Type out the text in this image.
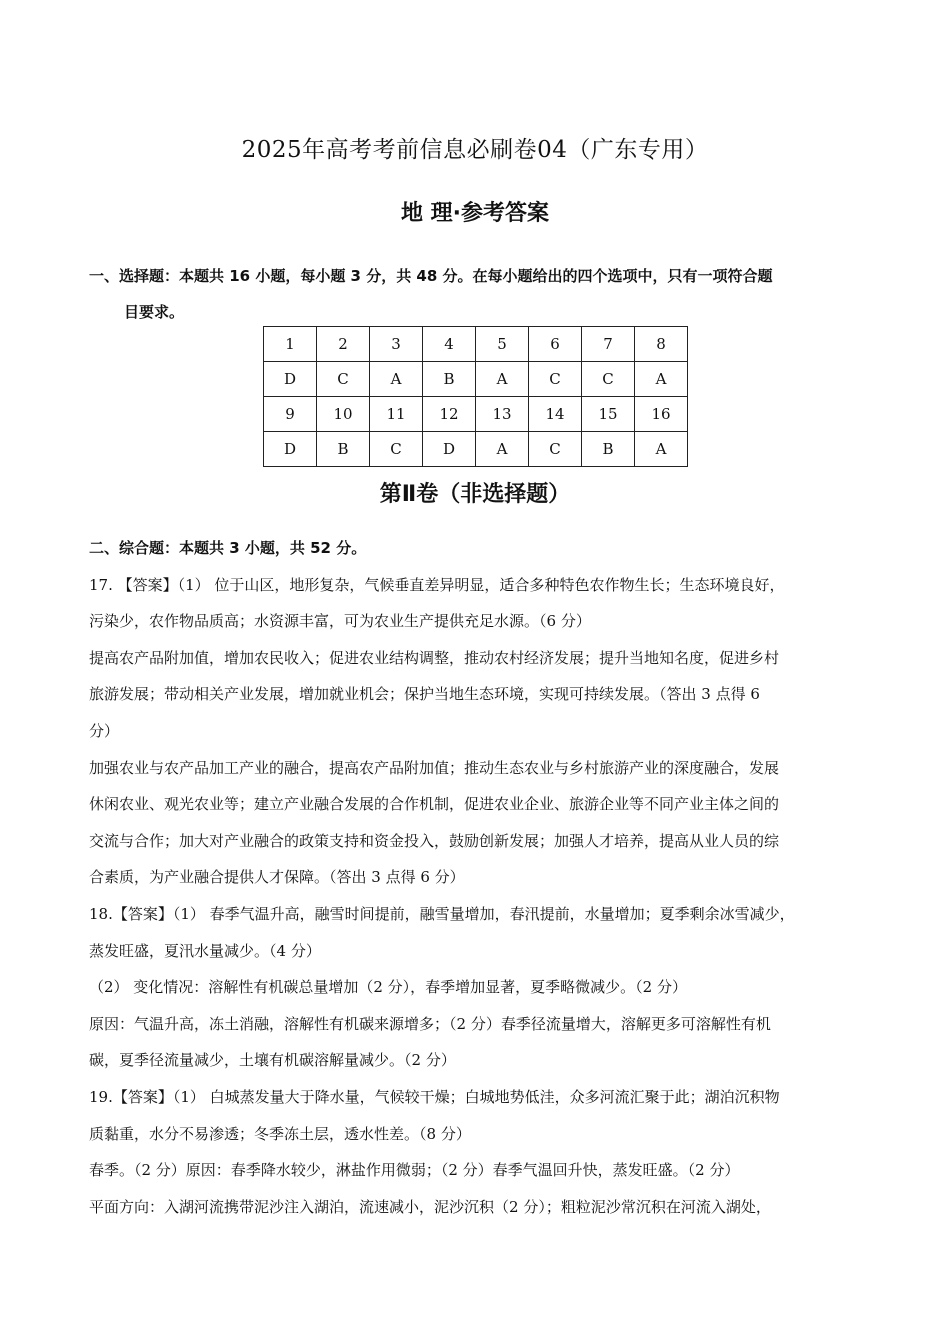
2025年高考考前信息必刷卷04（广东专用）
地 理·参考答案
一、选择题：本题共 16 小题，每小题 3 分，共 48 分。在每小题给出的四个选项中，只有一项符合题
目要求。
1	2	3	4	5	6	7	8
D	C	A	B	A	C	C	A
9	10	11	12	13	14	15	16
D	B	C	D	A	C	B	A
第Ⅱ卷（非选择题）

二、综合题：本题共 3 小题，共 52 分。

17. 【答案】（1） 位于山区，地形复杂，气候垂直差异明显，适合多种特色农作物生长；生态环境良好，

污染少，农作物品质高；水资源丰富，可为农业生产提供充足水源。（6 分）

提高农产品附加值，增加农民收入；促进农业结构调整，推动农村经济发展；提升当地知名度，促进乡村

旅游发展；带动相关产业发展，增加就业机会；保护当地生态环境，实现可持续发展。（答出 3 点得 6

分）

加强农业与农产品加工产业的融合，提高农产品附加值；推动生态农业与乡村旅游产业的深度融合，发展

休闲农业、观光农业等；建立产业融合发展的合作机制，促进农业企业、旅游企业等不同产业主体之间的

交流与合作；加大对产业融合的政策支持和资金投入，鼓励创新发展；加强人才培养，提高从业人员的综

合素质，为产业融合提供人才保障。（答出 3 点得 6 分）

18.【答案】（1） 春季气温升高，融雪时间提前，融雪量增加，春汛提前，水量增加；夏季剩余冰雪减少，

蒸发旺盛，夏汛水量减少。（4 分）

（2） 变化情况：溶解性有机碳总量增加（2 分），春季增加显著，夏季略微减少。（2 分）

原因：气温升高，冻土消融，溶解性有机碳来源增多；（2 分）春季径流量增大，溶解更多可溶解性有机

碳，夏季径流量减少，土壤有机碳溶解量减少。（2 分）

19.【答案】（1） 白城蒸发量大于降水量，气候较干燥；白城地势低洼，众多河流汇聚于此；湖泊沉积物

质黏重，水分不易渗透；冬季冻土层，透水性差。（8 分）

春季。（2 分）原因：春季降水较少，淋盐作用微弱；（2 分）春季气温回升快，蒸发旺盛。（2 分）

平面方向：入湖河流携带泥沙注入湖泊，流速减小，泥沙沉积（2 分）；粗粒泥沙常沉积在河流入湖处，
